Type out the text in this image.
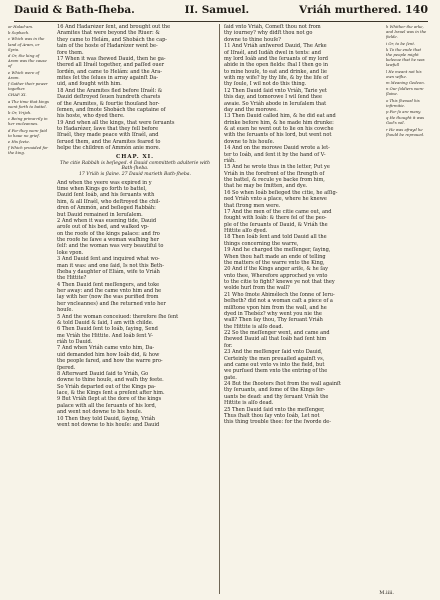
Dauid & Bath-ſheba.	II. Samuel.	Vriáh murthered. 140
or Halad-am.
b Sophach.
c Which was in the land of Aram, or Syria.
d Or, the king of Aram was the cause of
e Which were of Aram.
f Gather their power together.
CHAP. XI.
a The time that kings went forth to battel.
b Or, Vrijah.
c Being prima-rily in her vncleannes.
d For they were ſaid to haue no grief.
e His feete.
f Which prouided for the king.
16 And Hadarézer ſent, and brought out the
Aramites that were beyond the Riuer: &
they came to Helám, and Shobách the cap-
tain of the hoste of Hadarézer went be-
fore them.
17 When it was ſhewed Dauid, then he ga-
thered all Iſraél together, and paſſed ouer
Iordén, and came to Helám: and the Ara-
mites ſet the ſelues in array againſt Da-
uid, and fought with him.
18 And the Aramites fled before Iſraél: &
Dauid deſtroyed ſeuen hundreth charets
of the Aramites, & fourtie thouſand hor-
ſemen, and ſmote Shobách the captaine of
his hoste, who dyed there.
19 And when all the kings, that were ſeruants
to Hadarézer, ſawe that they fell before
Iſraél, they made peace with Iſraél, and
ſerued them, and the Aramites feared to
helpe the children of Ammón anie more.
CHAP. XI.
The citie Rabbáh is beſieged. 4 Dauid committeth adulterie with Bath-ſheba.
17 Vriáh is ſlaine. 27 Dauid marieth Bath-ſheba.
And when the yeere was expired in y
time when Kings go forth to battel,
Dauid ſent Ioáb, and his ſeruants with
him, & all Iſraél, who deſtroyed the chil-
dren of Ammón, and beſieged Rabbáh:
but Dauid remained in Ieruſalem.
2 And when it was euening tide, Dauid
aroſe out of his bed, and walked vp-
on the roofe of the kings palace: and fro
the roofe he ſawe a woman waſhing her
ſelf: and the woman was very beautiful to
loke vpon.
3 And Dauid ſent and inquired what wo-
man it was: and one ſaid, Is not this Beth-
ſheba y daughter of Eliám, wife to Vriáh
the Hittite?
4 Then Dauid ſent meſſengers, and toke
her away: and ſhe came vnto him and he
lay with her (now ſhe was purified from
her vncleannes) and ſhe returned vnto her
houſe.
5 And the woman conceiued: therefore ſhe ſent
& told Dauid & ſaid, I am with childe.
6 Then Dauid ſent to Ioáb, ſaying, Send
me Vriáh the Hittite. And Ioáb ſent V-
riáh to Dauid.
7 And when Vriáh came vnto him, Da-
uid demanded him how Ioáb did, & how
the people fared, and how the warre pro-
ſpered.
8 Afterward Dauid ſaid to Vriáh, Go
downe to thine houſe, and waſh thy feete.
So Vriáh departed out of the Kings pa-
lace, & the Kings ſent a preſent after him.
9 But Vriáh ſlept at the dore of the kings
palace with all the ſeruants of his lord,
and went not downe to his houſe.
10 Then they told Dauid, ſaying, Vriáh
went not downe to his houſe: and Dauid
ſaid vnto Vriáh, Comeſt thou not from
thy iourney? why didſt thou not go
downe to thine houſe?
11 And Vriáh anſwered Dauid, The Arke
of Iſraél, and Iudáh dwel in tents: and
my lord Ioáb and the ſeruants of my lord
abide in the open fields: ſhal I then go in
to mine houſe, to eat and drinke, and lie
with my wife? by thy life, & by the life of
thy ſoule, I wil not do this thing.
12 Then Dauid ſaid vnto Vriáh, Tarie yet
this day, and tomorowe I wil ſend thee
awaie. So Vriáh abode in Ieruſalem that
day and the morowe.
13 Then Dauid called him, & he did eat and
drinke before him, & he made him drunke:
& at euen he went out to lie on his cowche
with the ſeruants of his lord, but went not
downe to his houſe.
14 And on the morowe Dauid wrote a let-
ter to Ioáb, and ſent it by the hand of V-
riáh.
15 And he wrote thus in the letter, Put ye
Vriáh in the forefront of the ſtrength of
the battel, & recule ye backe from him,
that he may be ſmitten, and dye.
16 So when Ioáb beſieged the citie, he aſſig-
ned Vriáh vnto a place, where he knewe
that ſtrong men were.
17 And the men of the citie came out, and
fought with Ioáb: & there fel of the peo-
ple of the ſeruants of Dauid, & Vriáh the
Hittite alſo dyed.
18 Then Ioáb ſent and told Dauid all the
things concerning the warre,
19 And he charged the meſſenger, ſaying,
When thou haſt made an ende of telling
the matters of the warre vnto the King,
20 And if the Kings anger ariſe, & he ſay
vnto thee, Wherefore approched ye vnto
to the citie to fight? knewe ye not that they
wolde hurl from the wall?
21 Who ſmote Abimélech the ſonne of Ieru-
beſheth? did not a woman caſt a piece of a
milſtone vpon him from the wall, and he
dyed in Thebéz? why went you nie the
wall? Then ſay thou, Thy ſeruant Vriáh
the Hittite is alſo dead.
22 So the meſſenger went, and came and
ſhewed Dauid all that Ioáb had ſent him
for.
23 And the meſſenger ſaid vnto Dauid,
Certeinly the men preuailed againſt vs,
and came out vnto vs into the field, but
we purſued them vnto the entring of the
gate.
24 But the ſhooters ſhot from the wall againſt
thy ſeruants, and ſome of the Kings ſer-
uants be dead: and thy ſeruant Vriáh the
Hittite is alſo dead.
25 Then Dauid ſaid vnto the meſſenger,
Thus ſhalt thou ſay vnto Ioáb, Let not
this thing trouble thee: for the ſworde de-
h Whither the arke, and Israel was in the fielde.
i Or, to be ſent.
k To the ende that the people might beleeue that he was lawfull
l He meant not his own wiſhe.
m Meaning Gedeon.
n Our ſoldiers were ſlaine.
o This ſhewed his infirmitie.
p For ſo are many.
q He thought it was God's wil.
r He was afrayd he ſhould be reproued.
M.iiii.
